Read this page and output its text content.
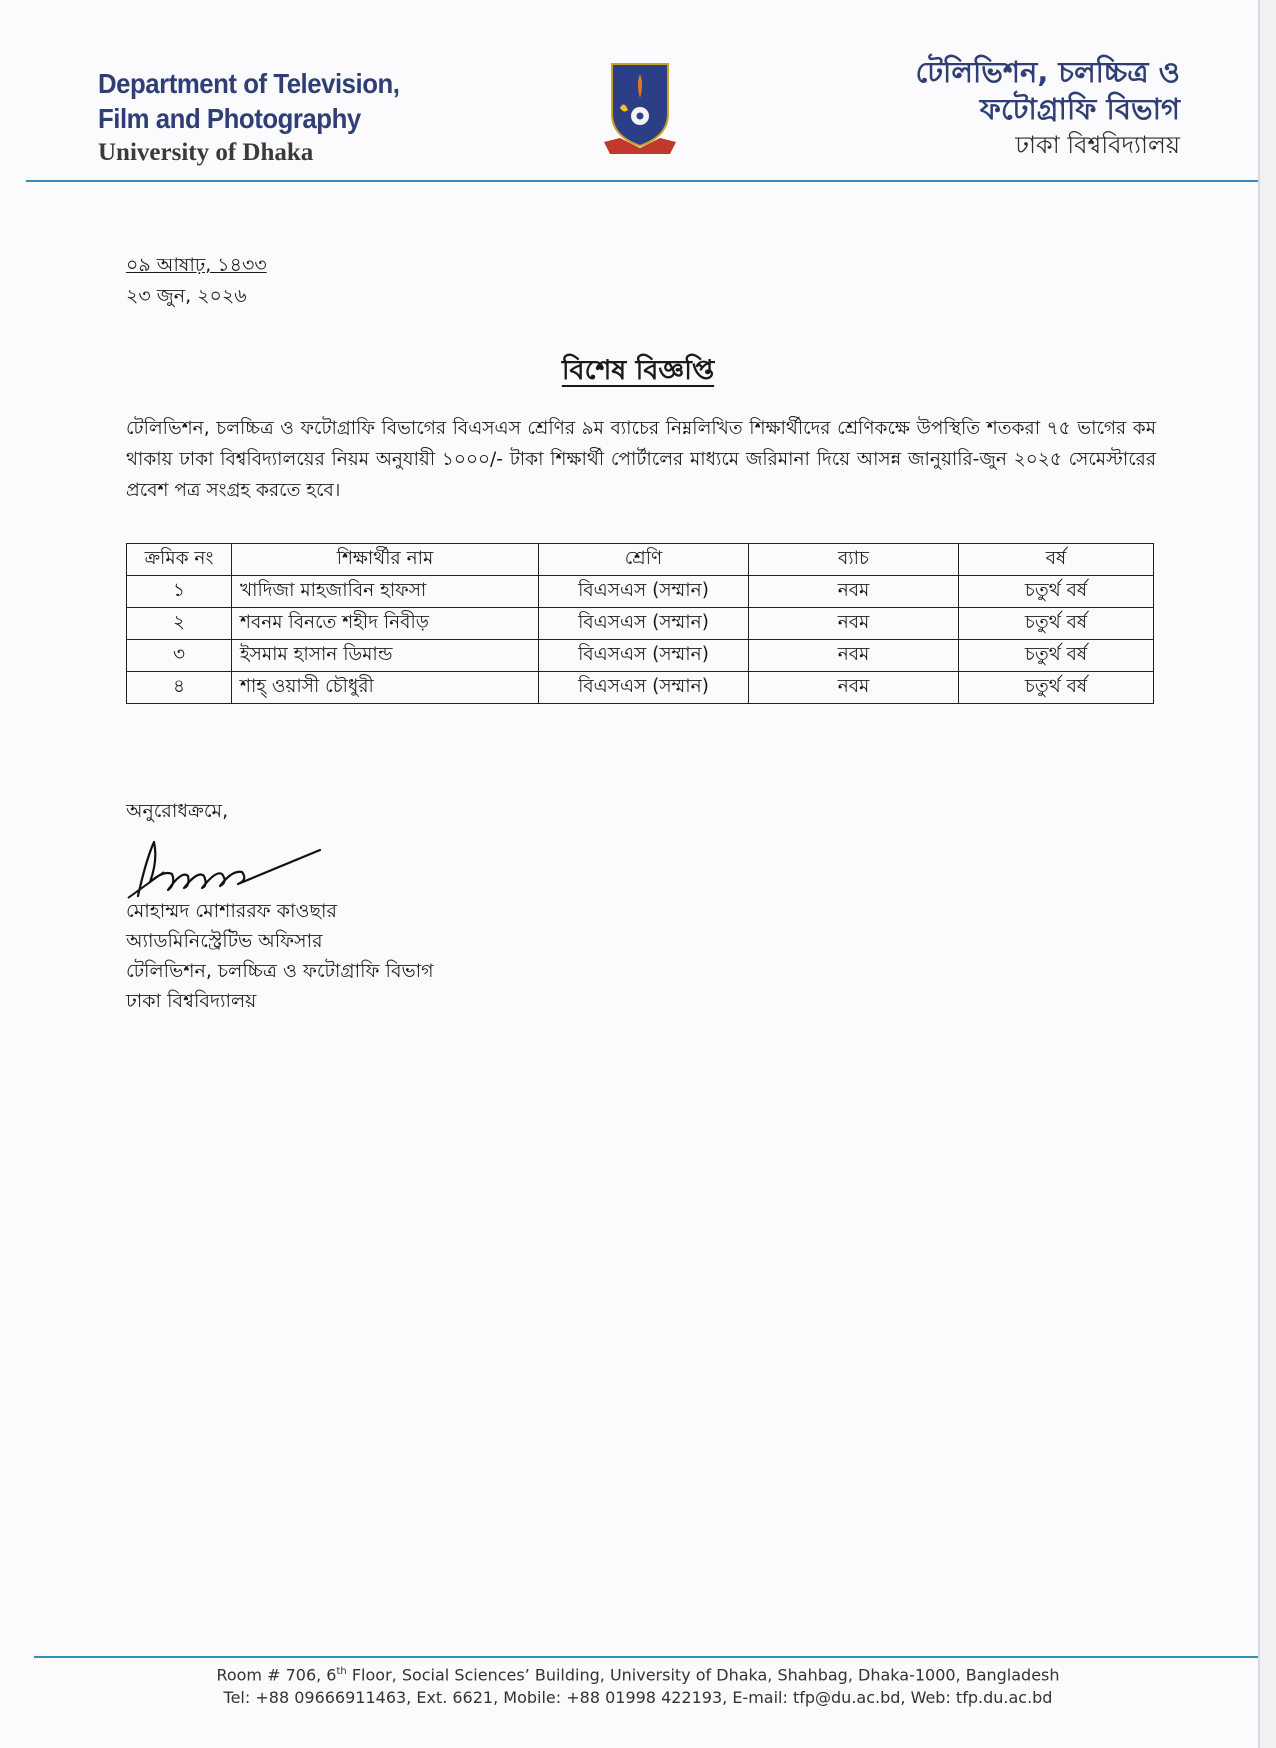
Department of Television,
Film and Photography
University of Dhaka
টেলিভিশন, চলচ্চিত্র ও
ফটোগ্রাফি বিভাগ
ঢাকা বিশ্ববিদ্যালয়
০৯ আষাঢ়, ১৪৩৩
২৩ জুন, ২০২৬
বিশেষ বিজ্ঞপ্তি
টেলিভিশন, চলচ্চিত্র ও ফটোগ্রাফি বিভাগের বিএসএস শ্রেণির ৯ম ব্যাচের নিম্নলিখিত শিক্ষার্থীদের শ্রেণিকক্ষে উপস্থিতি শতকরা ৭৫ ভাগের কম থাকায় ঢাকা বিশ্ববিদ্যালয়ের নিয়ম অনুযায়ী ১০০০/- টাকা শিক্ষার্থী পোর্টালের মাধ্যমে জরিমানা দিয়ে আসন্ন জানুয়ারি-জুন ২০২৫ সেমেস্টারের প্রবেশ পত্র সংগ্রহ করতে হবে।
ক্রমিক নং	শিক্ষার্থীর নাম	শ্রেণি	ব্যাচ	বর্ষ
১	খাদিজা মাহজাবিন হাফসা	বিএসএস (সম্মান)	নবম	চতুর্থ বর্ষ
২	শবনম বিনতে শহীদ নিবীড়	বিএসএস (সম্মান)	নবম	চতুর্থ বর্ষ
৩	ইসমাম হাসান ডিমান্ড	বিএসএস (সম্মান)	নবম	চতুর্থ বর্ষ
৪	শাহ্ ওয়াসী চৌধুরী	বিএসএস (সম্মান)	নবম	চতুর্থ বর্ষ
অনুরোধক্রমে,
মোহাম্মদ মোশাররফ কাওছার
অ্যাডমিনিস্ট্রেটিভ অফিসার
টেলিভিশন, চলচ্চিত্র ও ফটোগ্রাফি বিভাগ
ঢাকা বিশ্ববিদ্যালয়
Room # 706, 6th Floor, Social Sciences’ Building, University of Dhaka, Shahbag, Dhaka-1000, Bangladesh
Tel: +88 09666911463, Ext. 6621, Mobile: +88 01998 422193, E-mail: tfp@du.ac.bd, Web: tfp.du.ac.bd
